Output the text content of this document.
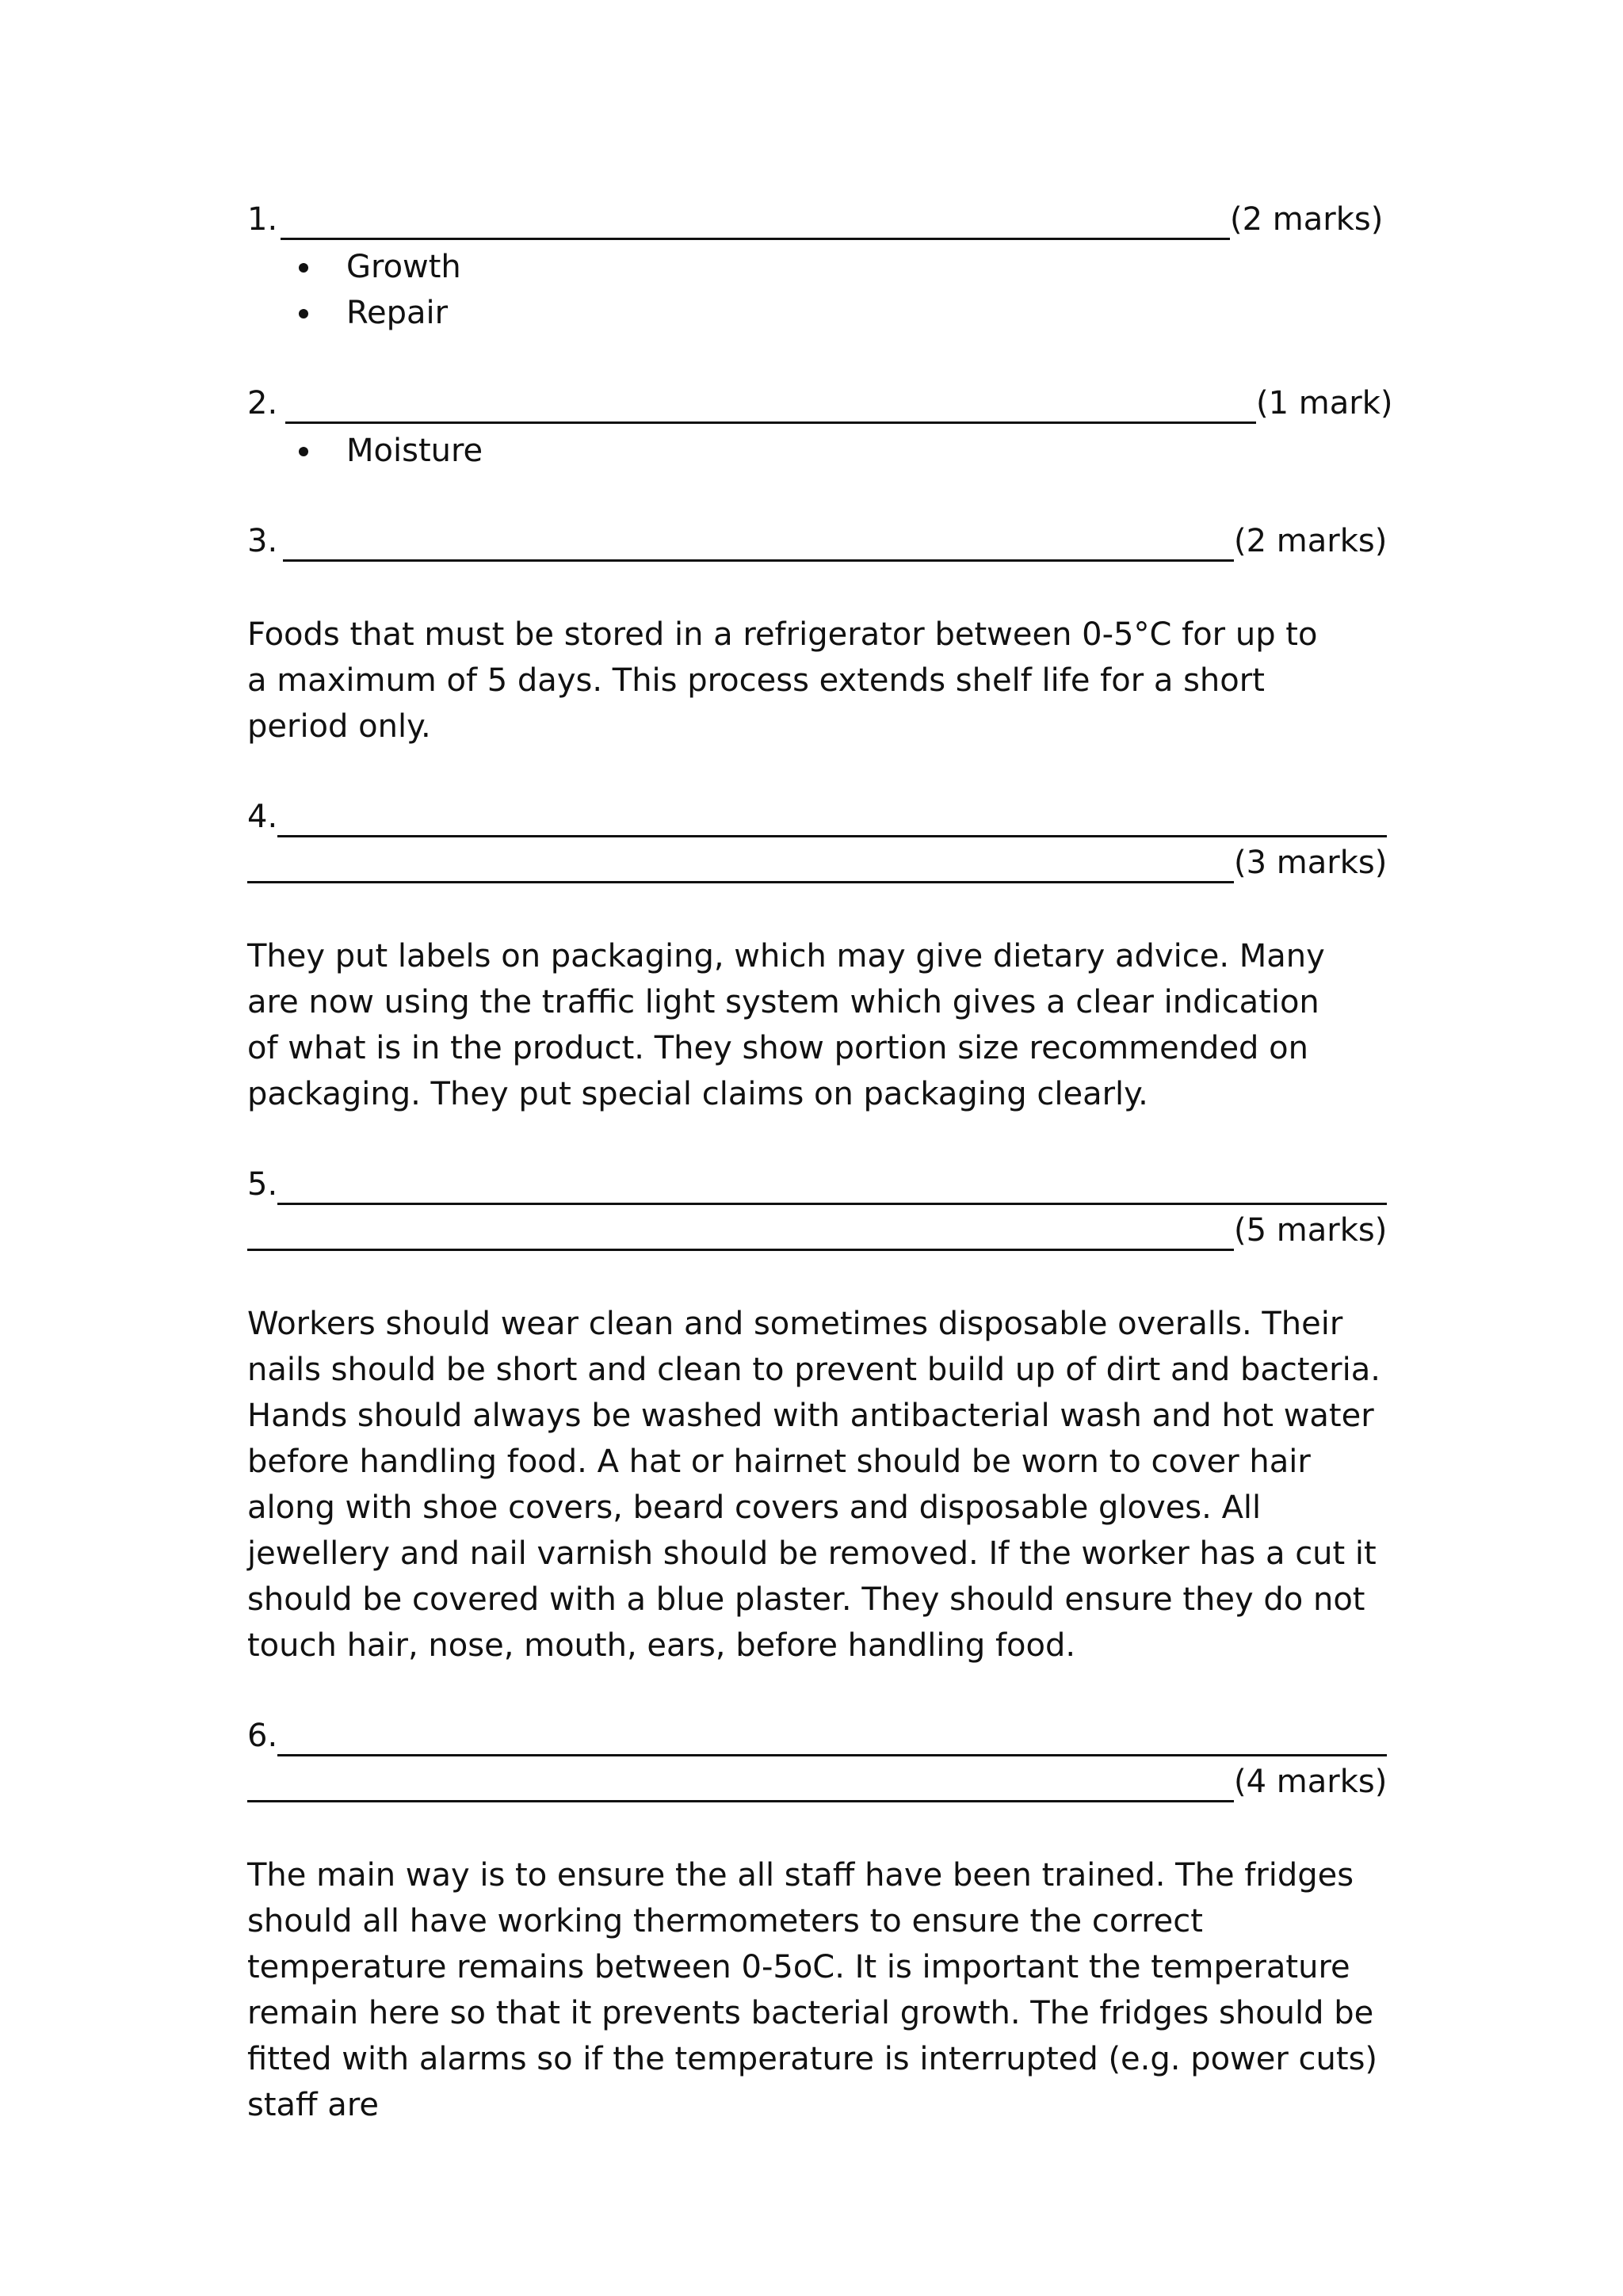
1.	(2 marks)
Growth
Repair
2.	(1 mark)
Moisture
3.	(2 marks)

Foods that must be stored in a refrigerator between 0-5°C for up to a maximum of 5 days. This process extends shelf life for a short period only.

4.
(3 marks)

They put labels on packaging, which may give dietary advice. Many are now using the traffic light system which gives a clear indication of what is in the product. They show portion size recommended on packaging. They put special claims on packaging clearly.

5.
(5 marks)

Workers should wear clean and sometimes disposable overalls. Their nails should be short and clean to prevent build up of dirt and bacteria. Hands should always be washed with antibacterial wash and hot water before handling food. A hat or hairnet should be worn to cover hair along with shoe covers, beard covers and disposable gloves. All jewellery and nail varnish should be removed. If the worker has a cut it should be covered with a blue plaster. They should ensure they do not touch hair, nose, mouth, ears, before handling food.

6.
(4 marks)

The main way is to ensure the all staff have been trained. The fridges should all have working thermometers to ensure the correct temperature remains between 0-5oC. It is important the temperature remain here so that it prevents bacterial growth. The fridges should be fitted with alarms so if the temperature is interrupted (e.g. power cuts) staff are
